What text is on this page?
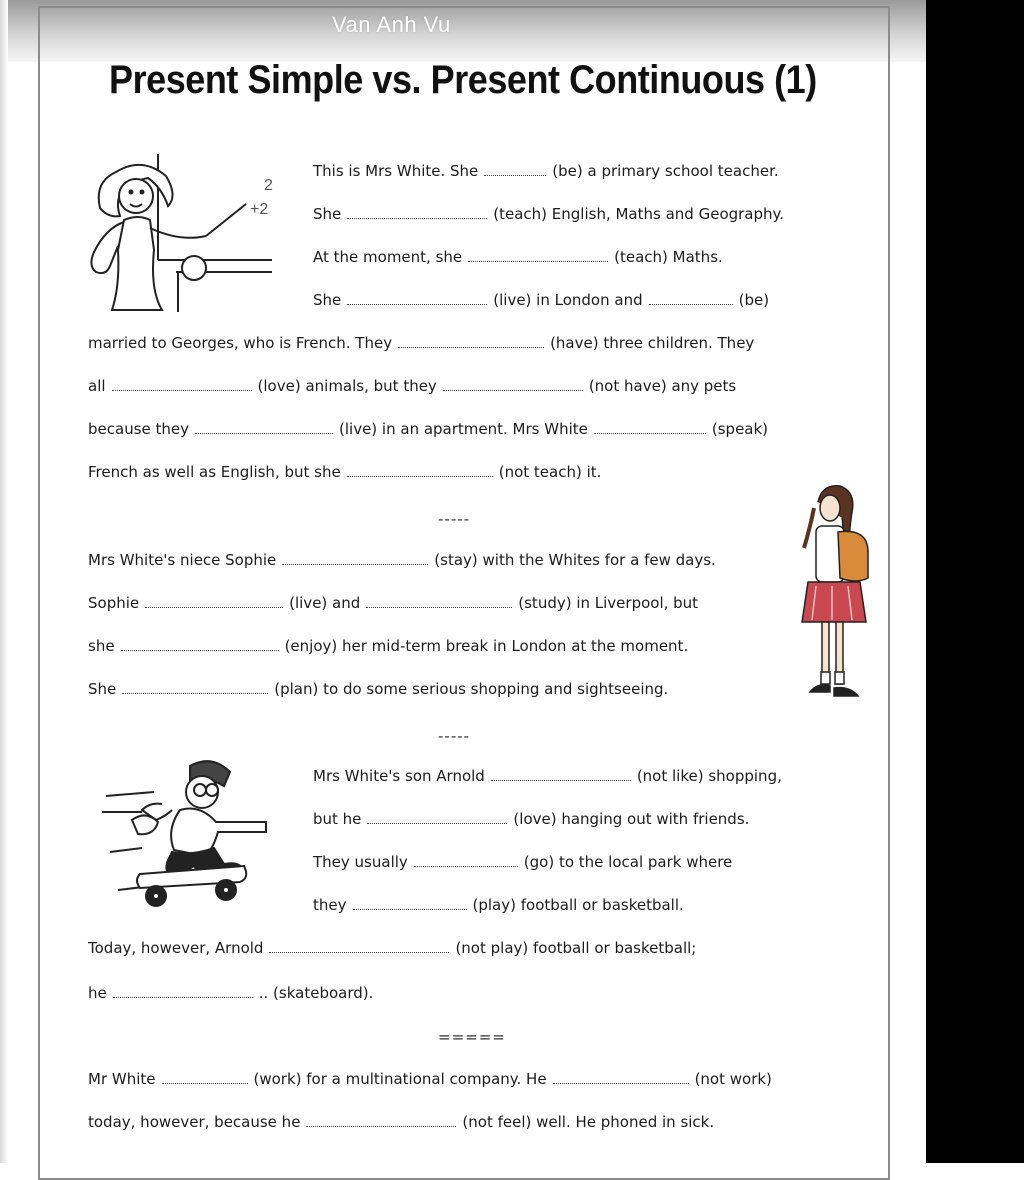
Van Anh Vu
Present Simple vs. Present Continuous (1)
2
+2
This is Mrs White. She	(be) a primary school teacher.
She	(teach) English, Maths and Geography.
At the moment, she	(teach) Maths.
She	(live) in London and	(be)
married to Georges, who is French. They	(have) three children. They
all	(love) animals, but they	(not have) any pets
because they	(live) in an apartment. Mrs White	(speak)
French as well as English, but she	(not teach) it.
-----
Mrs White's niece Sophie	(stay) with the Whites for a few days.
Sophie	(live) and	(study) in Liverpool, but
she	(enjoy) her mid-term break in London at the moment.
She	(plan) to do some serious shopping and sightseeing.
-----
Mrs White's son Arnold	(not like) shopping,
but he	(love) hanging out with friends.
They usually	(go) to the local park where
they	(play) football or basketball.
Today, however, Arnold	(not play) football or basketball;
he	.. (skateboard).
=====
Mr White	(work) for a multinational company. He	(not work)
today, however, because he	(not feel) well. He phoned in sick.
